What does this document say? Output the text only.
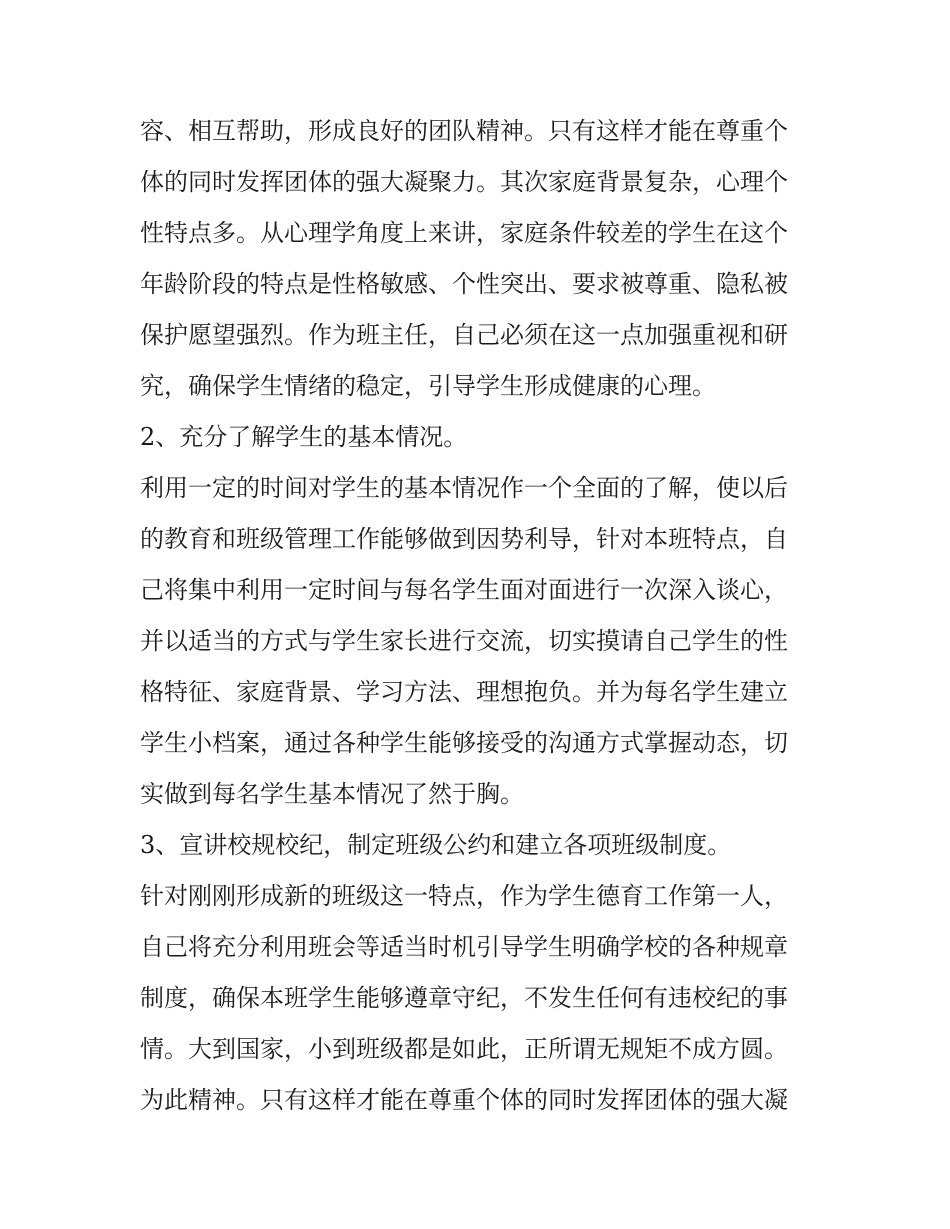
容、相互帮助，形成良好的团队精神。只有这样才能在尊重个
体的同时发挥团体的强大凝聚力。其次家庭背景复杂，心理个
性特点多。从心理学角度上来讲，家庭条件较差的学生在这个
年龄阶段的特点是性格敏感、个性突出、要求被尊重、隐私被
保护愿望强烈。作为班主任，自己必须在这一点加强重视和研
究，确保学生情绪的稳定，引导学生形成健康的心理。
2、充分了解学生的基本情况。
利用一定的时间对学生的基本情况作一个全面的了解，使以后
的教育和班级管理工作能够做到因势利导，针对本班特点，自
己将集中利用一定时间与每名学生面对面进行一次深入谈心，
并以适当的方式与学生家长进行交流，切实摸请自己学生的性
格特征、家庭背景、学习方法、理想抱负。并为每名学生建立
学生小档案，通过各种学生能够接受的沟通方式掌握动态，切
实做到每名学生基本情况了然于胸。
3、宣讲校规校纪，制定班级公约和建立各项班级制度。
针对刚刚形成新的班级这一特点，作为学生德育工作第一人，
自己将充分利用班会等适当时机引导学生明确学校的各种规章
制度，确保本班学生能够遵章守纪，不发生任何有违校纪的事
情。大到国家，小到班级都是如此，正所谓无规矩不成方圆。
为此精神。只有这样才能在尊重个体的同时发挥团体的强大凝
